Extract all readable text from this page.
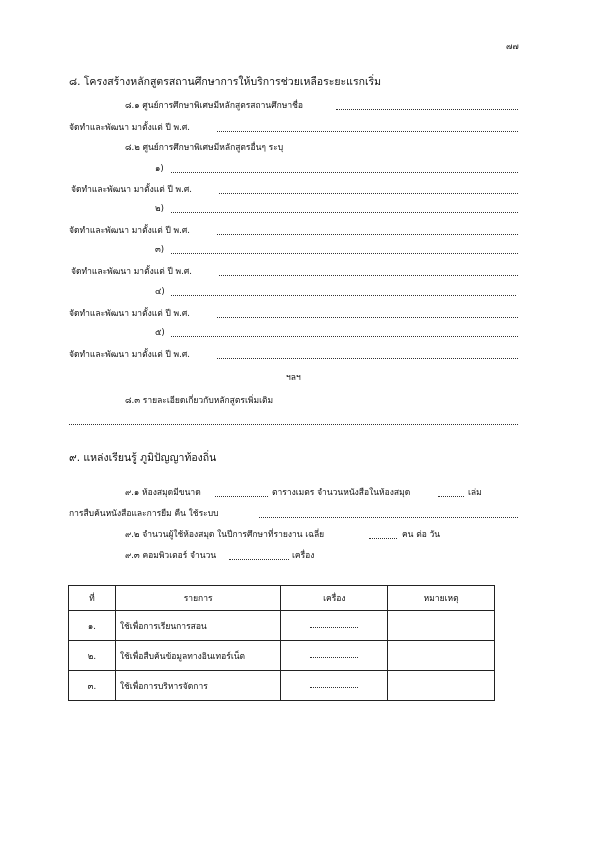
๗๗
๘. โครงสร้างหลักสูตรสถานศึกษาการให้บริการช่วยเหลือระยะแรกเริ่ม
๘.๑ ศูนย์การศึกษาพิเศษมีหลักสูตรสถานศึกษาชื่อ
จัดทำและพัฒนา มาตั้งแต่ ปี พ.ศ.
๘.๒ ศูนย์การศึกษาพิเศษมีหลักสูตรอื่นๆ ระบุ
๑)
จัดทำและพัฒนา มาตั้งแต่ ปี พ.ศ.
๒)
จัดทำและพัฒนา มาตั้งแต่ ปี พ.ศ.
๓)
จัดทำและพัฒนา มาตั้งแต่ ปี พ.ศ.
๔)
จัดทำและพัฒนา มาตั้งแต่ ปี พ.ศ.
๕)
จัดทำและพัฒนา มาตั้งแต่ ปี พ.ศ.
ฯลฯ
๘.๓ รายละเอียดเกี่ยวกับหลักสูตรเพิ่มเติม
๙. แหล่งเรียนรู้ ภูมิปัญญาท้องถิ่น
๙.๑ ห้องสมุดมีขนาด	ตารางเมตร จำนวนหนังสือในห้องสมุด	เล่ม
การสืบค้นหนังสือและการยืม คืน ใช้ระบบ
๙.๒ จำนวนผู้ใช้ห้องสมุด ในปีการศึกษาที่รายงาน เฉลี่ย	คน ต่อ วัน
๙.๓ คอมพิวเตอร์ จำนวน	เครื่อง
ที่	รายการ	เครื่อง	หมายเหตุ
๑.	ใช้เพื่อการเรียนการสอน		
๒.	ใช้เพื่อสืบค้นข้อมูลทางอินเทอร์เน็ต		
๓.	ใช้เพื่อการบริหารจัดการ		
